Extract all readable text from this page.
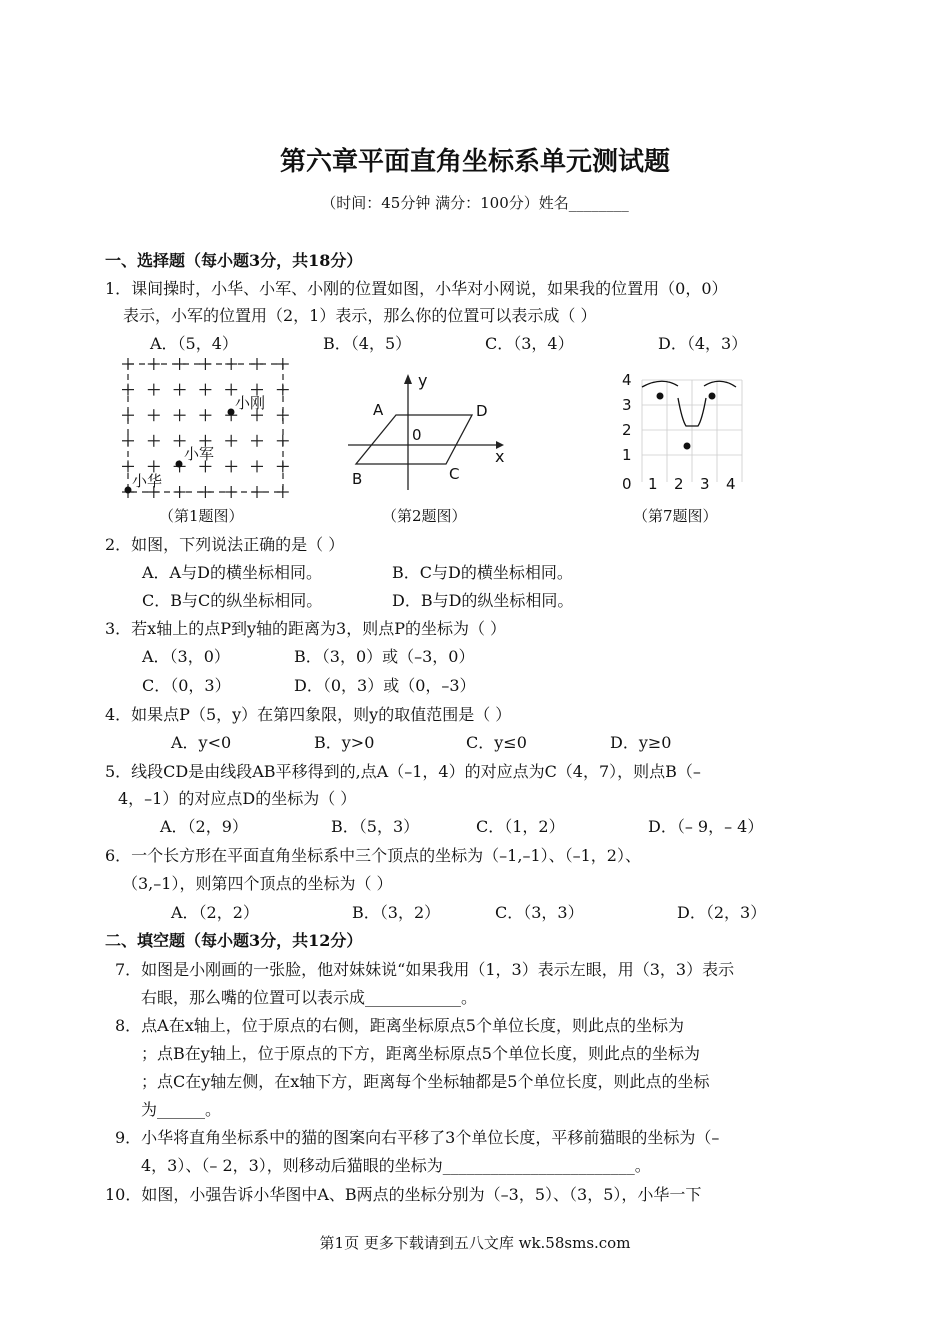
第六章平面直角坐标系单元测试题
（时间：45分钟 满分：100分）姓名________
一、选择题（每小题3分，共18分）
1．课间操时，小华、小军、小刚的位置如图，小华对小网说，如果我的位置用（0，0）
表示，小军的位置用（2，1）表示，那么你的位置可以表示成（ ）
A．（5，4）	B．（4，5）	C．（3，4）	D．（4，3）
小刚
小军
小华
（第1题图）
y
A	D
0
x
B	C
（第2题图）
4
3
2
1
0 1 2 3 4
（第7题图）
2．如图，下列说法正确的是（ ）
A．A与D的横坐标相同。	B．C与D的横坐标相同。
C．B与C的纵坐标相同。	D．B与D的纵坐标相同。
3．若x轴上的点P到y轴的距离为3，则点P的坐标为（ ）
A．（3，0）	B．（3，0）或（–3，0）
C．（0，3）	D．（0，3）或（0，–3）
4．如果点P（5，y）在第四象限，则y的取值范围是（ ）
A．y<0	B．y>0	C．y≤0	D．y≥0
5．线段CD是由线段AB平移得到的,点A（–1，4）的对应点为C（4，7），则点B（–
4，–1）的对应点D的坐标为（ ）
A．（2，9）	B．（5，3）	C．（1，2）	D．（– 9，– 4）
6．一个长方形在平面直角坐标系中三个顶点的坐标为（–1,–1）、（–1，2）、
（3,–1），则第四个顶点的坐标为（ ）
A．（2，2）	B．（3，2）	C．（3，3）	D．（2，3）
二、填空题（每小题3分，共12分）
7．如图是小刚画的一张脸，他对妹妹说“如果我用（1，3）表示左眼，用（3，3）表示
右眼，那么嘴的位置可以表示成____________。
8．点A在x轴上，位于原点的右侧，距离坐标原点5个单位长度，则此点的坐标为
；点B在y轴上，位于原点的下方，距离坐标原点5个单位长度，则此点的坐标为
；点C在y轴左侧，在x轴下方，距离每个坐标轴都是5个单位长度，则此点的坐标
为______。
9．小华将直角坐标系中的猫的图案向右平移了3个单位长度，平移前猫眼的坐标为（–
4，3）、（– 2，3），则移动后猫眼的坐标为________________________。
10．如图，小强告诉小华图中A、B两点的坐标分别为（–3，5）、（3，5），小华一下
第1页 更多下载请到五八文库 wk.58sms.com
